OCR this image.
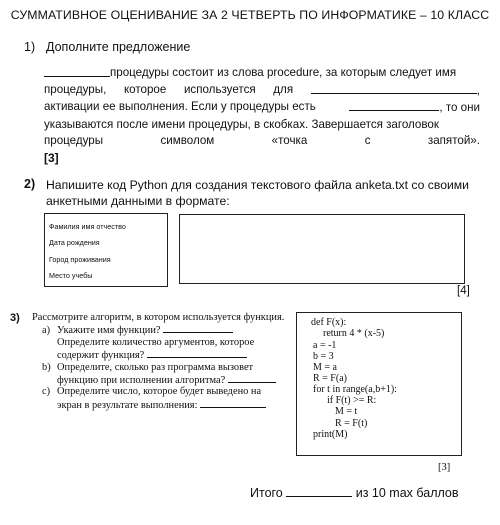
СУММАТИВНОЕ ОЦЕНИВАНИЕ ЗА 2 ЧЕТВЕРТЬ ПО ИНФОРМАТИКЕ – 10 КЛАСС
1) Дополните предложение
процедуры состоит из слова procedure, за которым следует имя
процедуры, которое используется для	,
активации ее выполнения. Если у процедуры есть	, то они
указываются после имени процедуры, в скобках. Завершается заголовок
процедуры	символом	«точка	с	запятой».
[3]
2) Напишите код Python для создания текстового файла anketa.txt со своими анкетными данными в формате:
Фамилия имя отчество
Дата рождения
Город проживания
Место учебы
[4]
3) Рассмотрите алгоритм, в котором используется функция.
a) Укажите имя функции?
Определите количество аргументов, которое
содержит функция?
b) Определите, сколько раз программа вызовет
функцию при исполнении алгоритма?
c) Определите число, которое будет выведено на
экран в результате выполнения:
def F(x):
return 4 * (x-5)
a = -1
b = 3
M = a
R = F(a)
for t in range(a,b+1):
if F(t) >= R:
M = t
R = F(t)
print(M)
[3]
Итого	из 10 max баллов
